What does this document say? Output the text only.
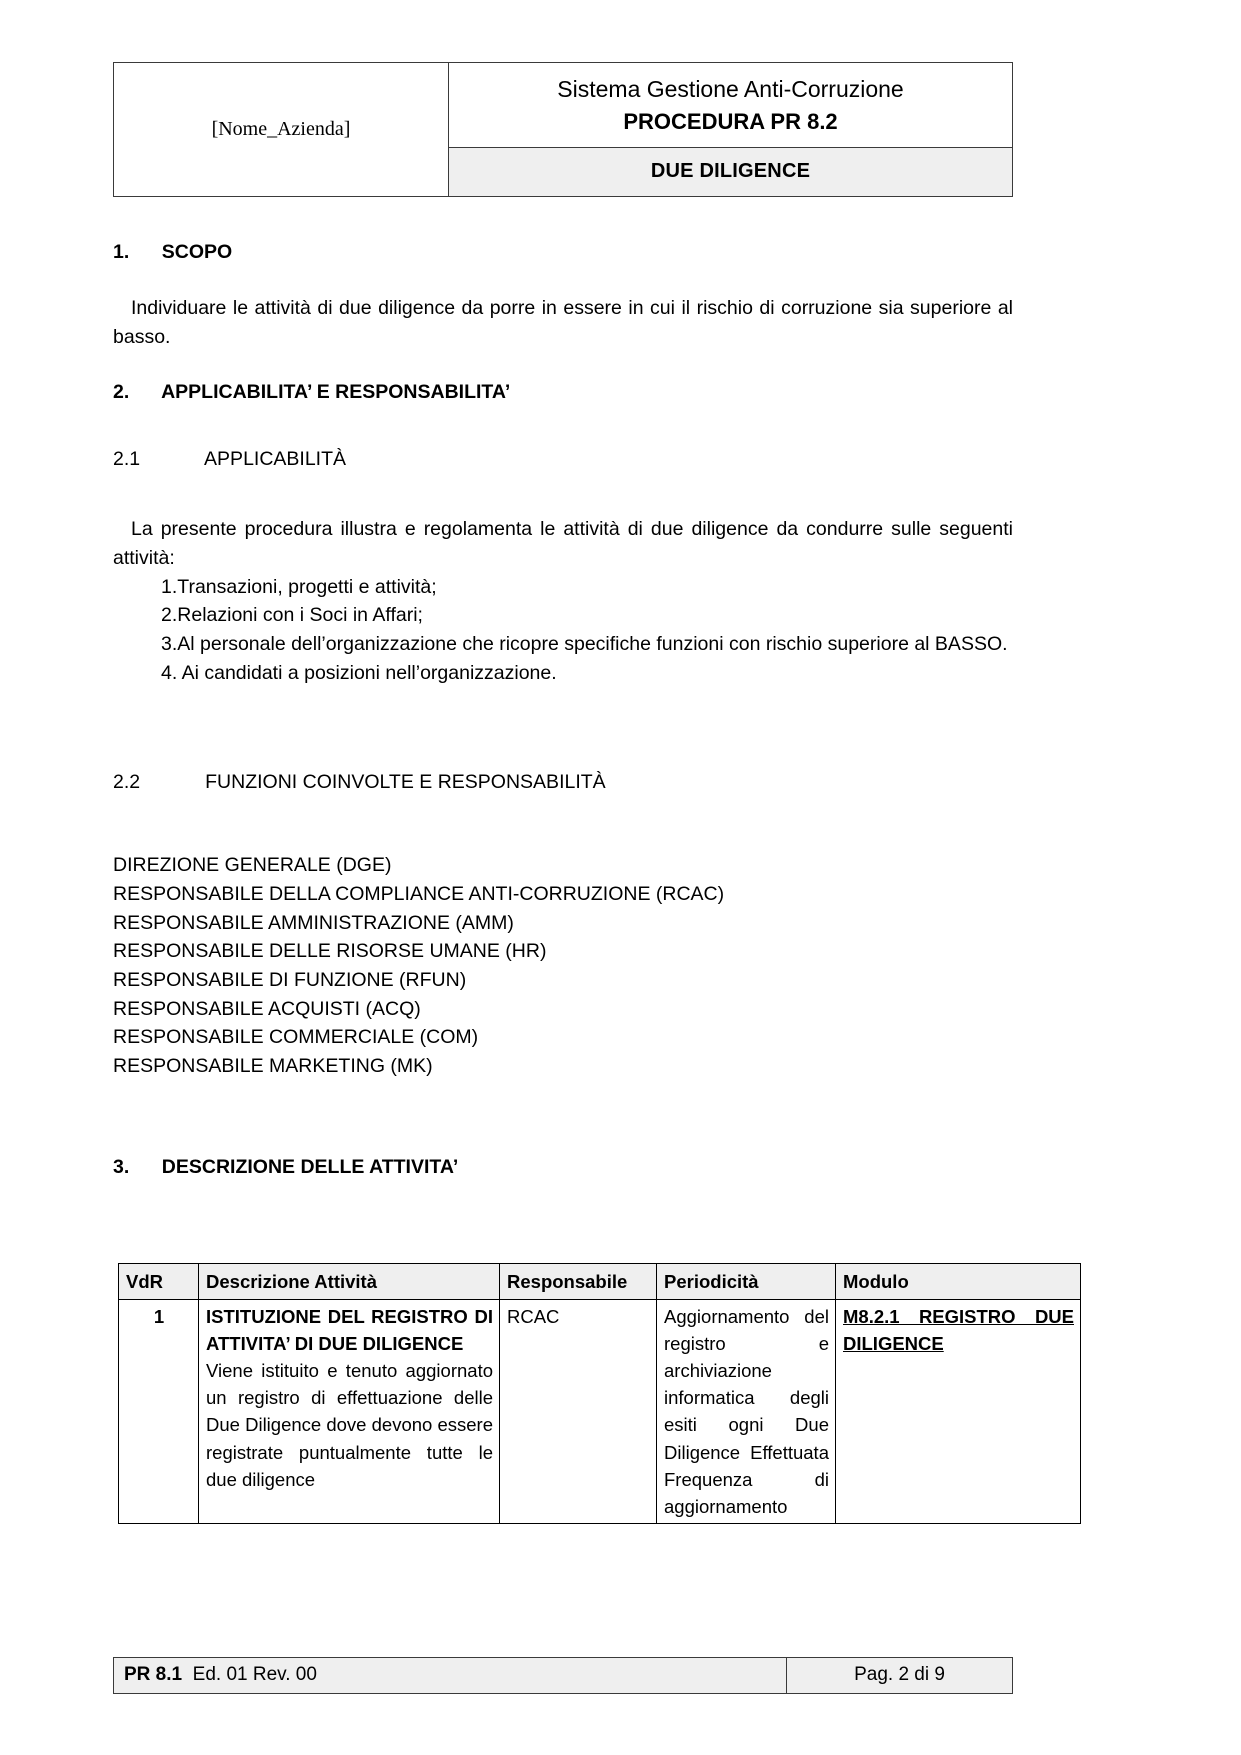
[Nome_Azienda]	
Sistema Gestione Anti-Corruzione
PROCEDURA PR 8.2

DUE DILIGENCE
1. SCOPO

Individuare le attività di due diligence da porre in essere in cui il rischio di corruzione sia superiore al basso.

2. APPLICABILITA’ E RESPONSABILITA’
2.1	APPLICABILITÀ

La presente procedura illustra e regolamenta le attività di due diligence da condurre sulle seguenti attività:

1.Transazioni, progetti e attività;
2.Relazioni con i Soci in Affari;
3.Al personale dell’organizzazione che ricopre specifiche funzioni con rischio superiore al BASSO.
4. Ai candidati a posizioni nell’organizzazione.
2.2	FUNZIONI COINVOLTE E RESPONSABILITÀ
DIREZIONE GENERALE (DGE)
RESPONSABILE DELLA COMPLIANCE ANTI-CORRUZIONE (RCAC)
RESPONSABILE AMMINISTRAZIONE (AMM)
RESPONSABILE DELLE RISORSE UMANE (HR)
RESPONSABILE DI FUNZIONE (RFUN)
RESPONSABILE ACQUISTI (ACQ)
RESPONSABILE COMMERCIALE (COM)
RESPONSABILE MARKETING (MK)
3. DESCRIZIONE DELLE ATTIVITA’
VdR	Descrizione Attività	Responsabile	Periodicità	Modulo
1	ISTITUZIONE DEL REGISTRO DI ATTIVITA’ DI DUE DILIGENCE
Viene istituito e tenuto aggiornato un registro di effettuazione delle Due Diligence dove devono essere registrate puntualmente tutte le due diligence	RCAC	Aggiornamento del registro e archiviazione informatica degli esiti ogni Due Diligence Effettuata Frequenza di aggiornamento	M8.2.1 REGISTRO DUE DILIGENCE
PR 8.1 Ed. 01 Rev. 00	Pag. 2 di 9
